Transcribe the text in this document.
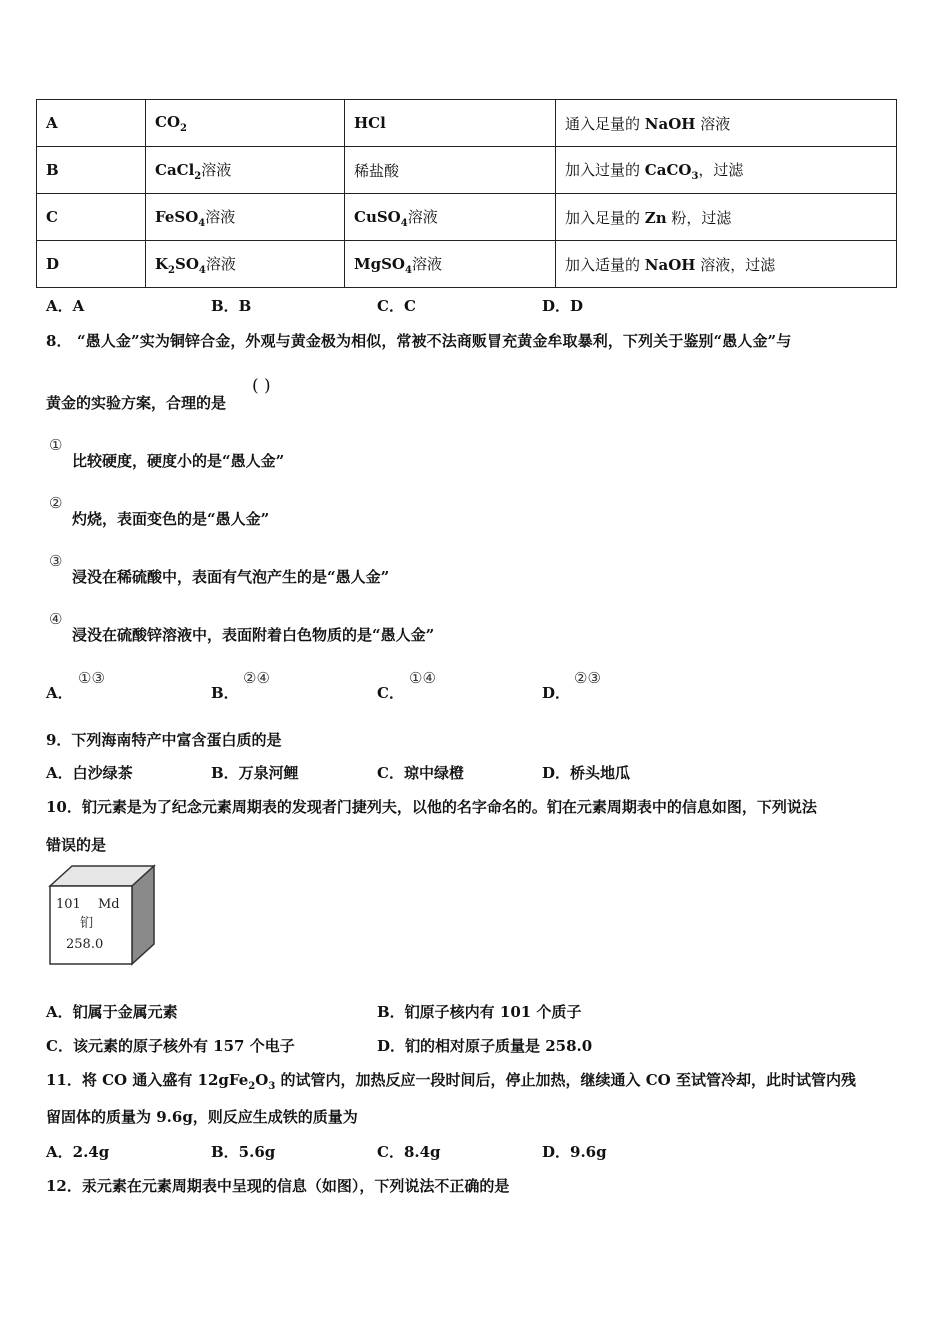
A	$CO_2$	HCl	通入足量的 NaOH 溶液
B	CaCl$_2$溶液	稀盐酸	加入过量的 CaCO$_3$，过滤
C	FeSO$_4$溶液	CuSO$_4$溶液	加入足量的 Zn 粉，过滤
D	$K_2SO_4$溶液	MgSO$_4$溶液	加入适量的 NaOH 溶液，过滤
A．A	B．B	C．C	D．D
8． “愚人金”实为铜锌合金，外观与黄金极为相似，常被不法商贩冒充黄金牟取暴利，下列关于鉴别“愚人金”与
黄金的实验方案，合理的是
( )
①
比较硬度，硬度小的是“愚人金”
②
灼烧，表面变色的是“愚人金”
③
浸没在稀硫酸中，表面有气泡产生的是“愚人金”
④
浸没在硫酸锌溶液中，表面附着白色物质的是“愚人金”
A．
①③
B．
②④
C．
①④
D．
②③
9．下列海南特产中富含蛋白质的是
A．白沙绿茶	B．万泉河鲤	C．琼中绿橙	D．桥头地瓜
10．钔元素是为了纪念元素周期表的发现者门捷列夫，以他的名字命名的。钔在元素周期表中的信息如图，下列说法
错误的是
101 Md
钔
258.0
A．钔属于金属元素	B．钔原子核内有 101 个质子
C．该元素的原子核外有 157 个电子	D．钔的相对原子质量是 258.0
11．将 CO 通入盛有 $12gFe_2O_3$ 的试管内，加热反应一段时间后，停止加热，继续通入 CO 至试管冷却，此时试管内残
留固体的质量为 9.6g，则反应生成铁的质量为
A．2.4g	B．5.6g	C．8.4g	D．9.6g
12．汞元素在元素周期表中呈现的信息（如图），下列说法不正确的是
